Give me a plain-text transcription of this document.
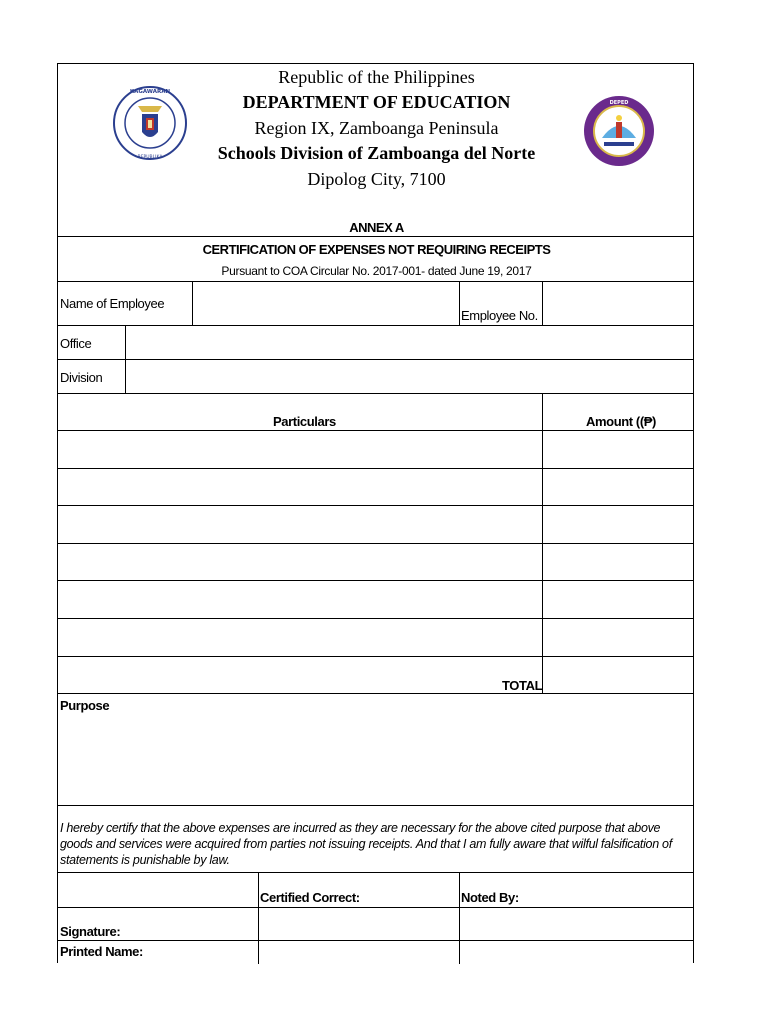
KAGAWARAN
REPUBLIKA
DEPED
Republic of the Philippines
DEPARTMENT OF EDUCATION
Region IX, Zamboanga Peninsula
Schools Division of Zamboanga del Norte
Dipolog City, 7100
ANNEX A
CERTIFICATION OF EXPENSES NOT REQUIRING RECEIPTS
Pursuant to COA Circular No. 2017-001- dated June 19, 2017
Name of Employee
Employee No.
Office
Division
Particulars	Amount ((₱)
TOTAL
Purpose
I hereby certify that the above expenses are incurred as they are necessary for the above cited purpose that above goods and services were acquired from parties not issuing receipts. And that I am fully aware that wilful falsification of statements is punishable by law.
Certified Correct:	Noted By:
Signature:
Printed Name:
